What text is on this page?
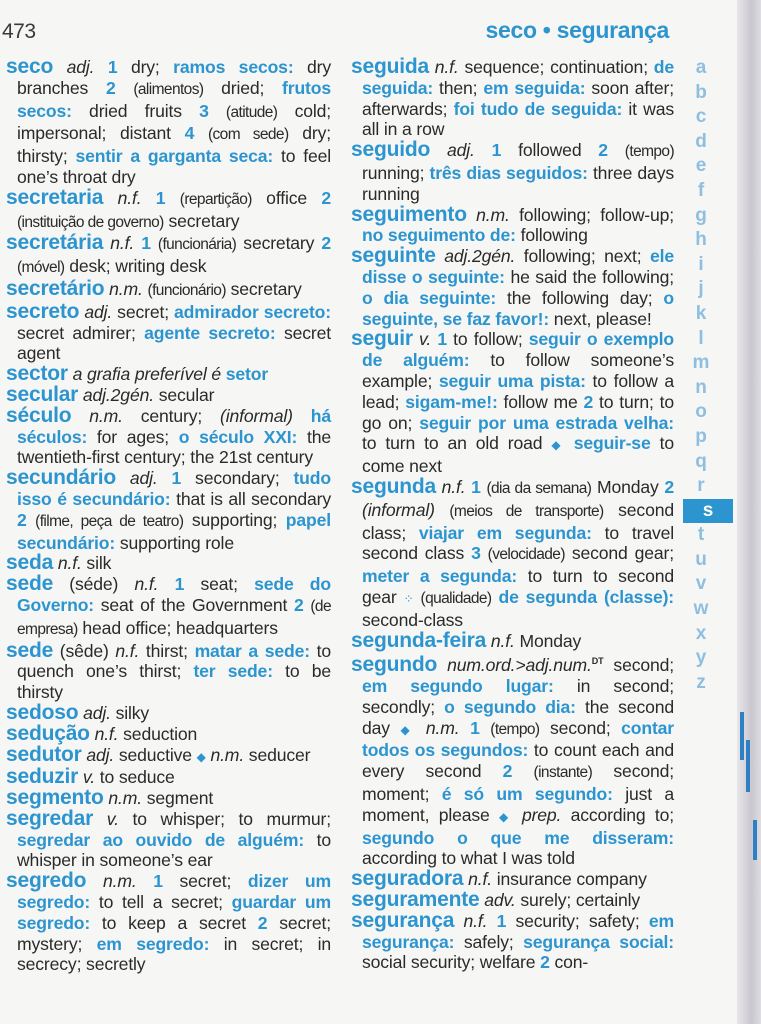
473	seco • segurança

seco adj. 1 dry; ramos secos: dry branches 2 (alimentos) dried; frutos secos: dried fruits 3 (atitude) cold; impersonal; distant 4 (com sede) dry; thirsty; sentir a garganta seca: to feel one’s throat dry

secretaria n.f. 1 (repartição) office 2 (instituição de governo) secretary

secretária n.f. 1 (funcionária) secretary 2 (móvel) desk; writing desk

secretário n.m. (funcionário) secretary

secreto adj. secret; admirador secreto: secret admirer; agente secreto: secret agent

sector a grafia preferível é setor

secular adj.2gén. secular

século n.m. century; (informal) há séculos: for ages; o século XXI: the twentieth-first century; the 21st century

secundário adj. 1 secondary; tudo isso é secundário: that is all secondary 2 (filme, peça de teatro) supporting; papel secundário: supporting role

seda n.f. silk

sede (séde) n.f. 1 seat; sede do Governo: seat of the Government 2 (de empresa) head office; headquarters

sede (sêde) n.f. thirst; matar a sede: to quench one’s thirst; ter sede: to be thirsty

sedoso adj. silky

sedução n.f. seduction

sedutor adj. seductive ◆ n.m. seducer

seduzir v. to seduce

segmento n.m. segment

segredar v. to whisper; to murmur; segredar ao ouvido de alguém: to whisper in someone’s ear

segredo n.m. 1 secret; dizer um segredo: to tell a secret; guardar um segredo: to keep a secret 2 secret; mystery; em segredo: in secret; in secrecy; secretly

seguida n.f. sequence; continuation; de seguida: then; em seguida: soon after; afterwards; foi tudo de seguida: it was all in a row

seguido adj. 1 followed 2 (tempo) running; três dias seguidos: three days running

seguimento n.m. following; follow-up; no seguimento de: following

seguinte adj.2gén. following; next; ele disse o seguinte: he said the following; o dia seguinte: the following day; o seguinte, se faz favor!: next, please!

seguir v. 1 to follow; seguir o exemplo de alguém: to follow someone’s example; seguir uma pista: to follow a lead; sigam-me!: follow me 2 to turn; to go on; seguir por uma estrada velha: to turn to an old road ◆ seguir-se to come next

segunda n.f. 1 (dia da semana) Monday 2 (informal) (meios de transporte) second class; viajar em segunda: to travel second class 3 (velocidade) second gear; meter a segunda: to turn to second gear ⁘ (qualidade) de segunda (classe): second-class

segunda-feira n.f. Monday

segundo num.ord.>adj.num.$^{DT}$ second; em segundo lugar: in second; secondly; o segundo dia: the second day ◆ n.m. 1 (tempo) second; contar todos os segundos: to count each and every second 2 (instante) second; moment; é só um segundo: just a moment, please ◆ prep. according to; segundo o que me disseram: according to what I was told

seguradora n.f. insurance company

seguramente adv. surely; certainly

segurança n.f. 1 security; safety; em segurança: safely; segurança social: social security; welfare 2 con-

a
b
c
d
e
f
g
h
i
j
k
l
m
n
o
p
q
r
s
t
u
v
w
x
y
z
